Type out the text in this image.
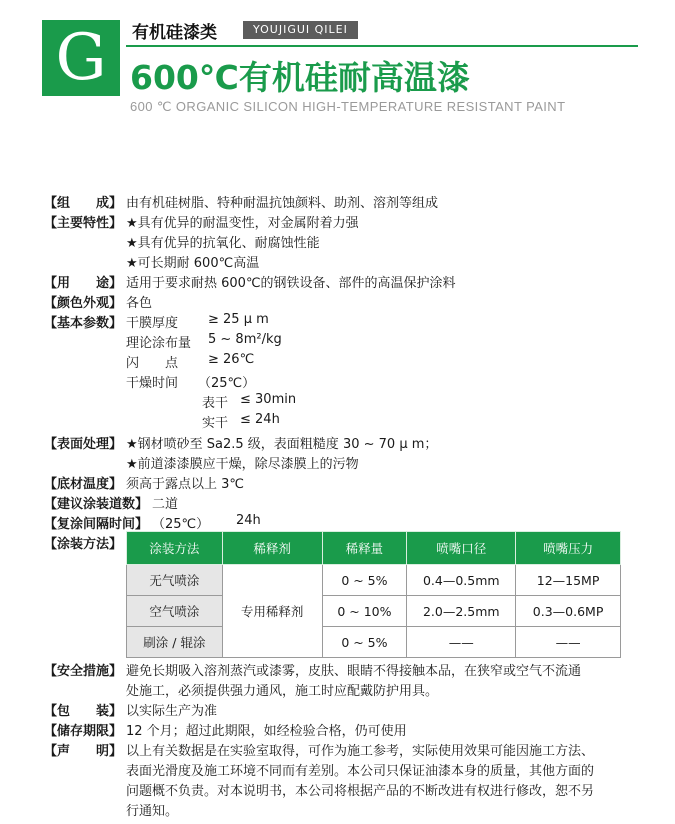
G	有机硅漆类	YOUJIGUI QILEI
600℃有机硅耐高温漆
600 ℃ ORGANIC SILICON HIGH-TEMPERATURE RESISTANT PAINT
【组　　成】 由有机硅树脂、特种耐温抗蚀颜料、助剂、溶剂等组成
【主要特性】 ★具有优异的耐温变性，对金属附着力强
★具有优异的抗氧化、耐腐蚀性能
★可长期耐 600℃高温
【用　　途】 适用于要求耐热 600℃的钢铁设备、部件的高温保护涂料
【颜色外观】 各色
【基本参数】 干膜厚度 ≥ 25 μ m
理论涂布量 5 ~ 8m²/kg
闪　　点 ≥ 26℃
干燥时间 （25℃）
表干 ≤ 30min
实干 ≤ 24h
【表面处理】 ★钢材喷砂至 Sa2.5 级，表面粗糙度 30 ~ 70 μ m；
★前道漆漆膜应干燥，除尽漆膜上的污物
【底材温度】 须高于露点以上 3℃
【建议涂装道数】 二道
【复涂间隔时间】 （25℃） 24h
【涂装方法】 涂装方法	稀释剂	稀释量	喷嘴口径	喷嘴压力
无气喷涂	专用稀释剂	0 ~ 5%	0.4—0.5mm	12—15MP
空气喷涂		0 ~ 10%	2.0—2.5mm	0.3—0.6MP
刷涂 / 辊涂		0 ~ 5%	——	——
【安全措施】 避免长期吸入溶剂蒸汽或漆雾，皮肤、眼睛不得接触本品，在狭窄或空气不流通
处施工，必须提供强力通风，施工时应配戴防护用具。
【包　　装】 以实际生产为准
【储存期限】 12 个月；超过此期限，如经检验合格，仍可使用
【声　　明】 以上有关数据是在实验室取得，可作为施工参考，实际使用效果可能因施工方法、
表面光滑度及施工环境不同而有差别。本公司只保证油漆本身的质量，其他方面的
问题概不负责。对本说明书，本公司将根据产品的不断改进有权进行修改，恕不另
行通知。
